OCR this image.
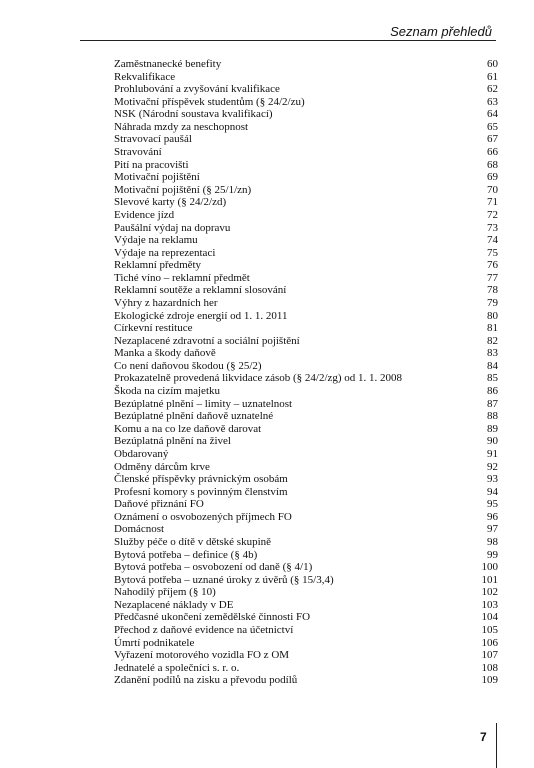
Seznam přehledů
Zaměstnanecké benefity	60
Rekvalifikace	61
Prohlubování a zvyšování kvalifikace	62
Motivační příspěvek studentům (§ 24/2/zu)	63
NSK (Národní soustava kvalifikací)	64
Náhrada mzdy za neschopnost	65
Stravovací paušál	67
Stravování	66
Pití na pracovišti	68
Motivační pojištění	69
Motivační pojištění (§ 25/1/zn)	70
Slevové karty (§ 24/2/zd)	71
Evidence jízd	72
Paušální výdaj na dopravu	73
Výdaje na reklamu	74
Výdaje na reprezentaci	75
Reklamní předměty	76
Tiché víno – reklamní předmět	77
Reklamní soutěže a reklamní slosování	78
Výhry z hazardních her	79
Ekologické zdroje energií od 1. 1. 2011	80
Církevní restituce	81
Nezaplacené zdravotní a sociální pojištění	82
Manka a škody daňově	83
Co není daňovou škodou (§ 25/2)	84
Prokazatelně provedená likvidace zásob (§ 24/2/zg) od 1. 1. 2008	85
Škoda na cizím majetku	86
Bezúplatné plnění – limity – uznatelnost	87
Bezúplatné plnění daňově uznatelné	88
Komu a na co lze daňově darovat	89
Bezúplatná plnění na živel	90
Obdarovaný	91
Odměny dárcům krve	92
Členské příspěvky právnickým osobám	93
Profesní komory s povinným členstvím	94
Daňové přiznání FO	95
Oznámení o osvobozených příjmech FO	96
Domácnost	97
Služby péče o dítě v dětské skupině	98
Bytová potřeba – definice (§ 4b)	99
Bytová potřeba – osvobození od daně (§ 4/1)	100
Bytová potřeba – uznané úroky z úvěrů (§ 15/3,4)	101
Nahodilý příjem (§ 10)	102
Nezaplacené náklady v DE	103
Předčasné ukončení zemědělské činnosti FO	104
Přechod z daňové evidence na účetnictví	105
Úmrtí podnikatele	106
Vyřazení motorového vozidla FO z OM	107
Jednatelé a společníci s. r. o.	108
Zdanění podílů na zisku a převodu podílů	109
7
